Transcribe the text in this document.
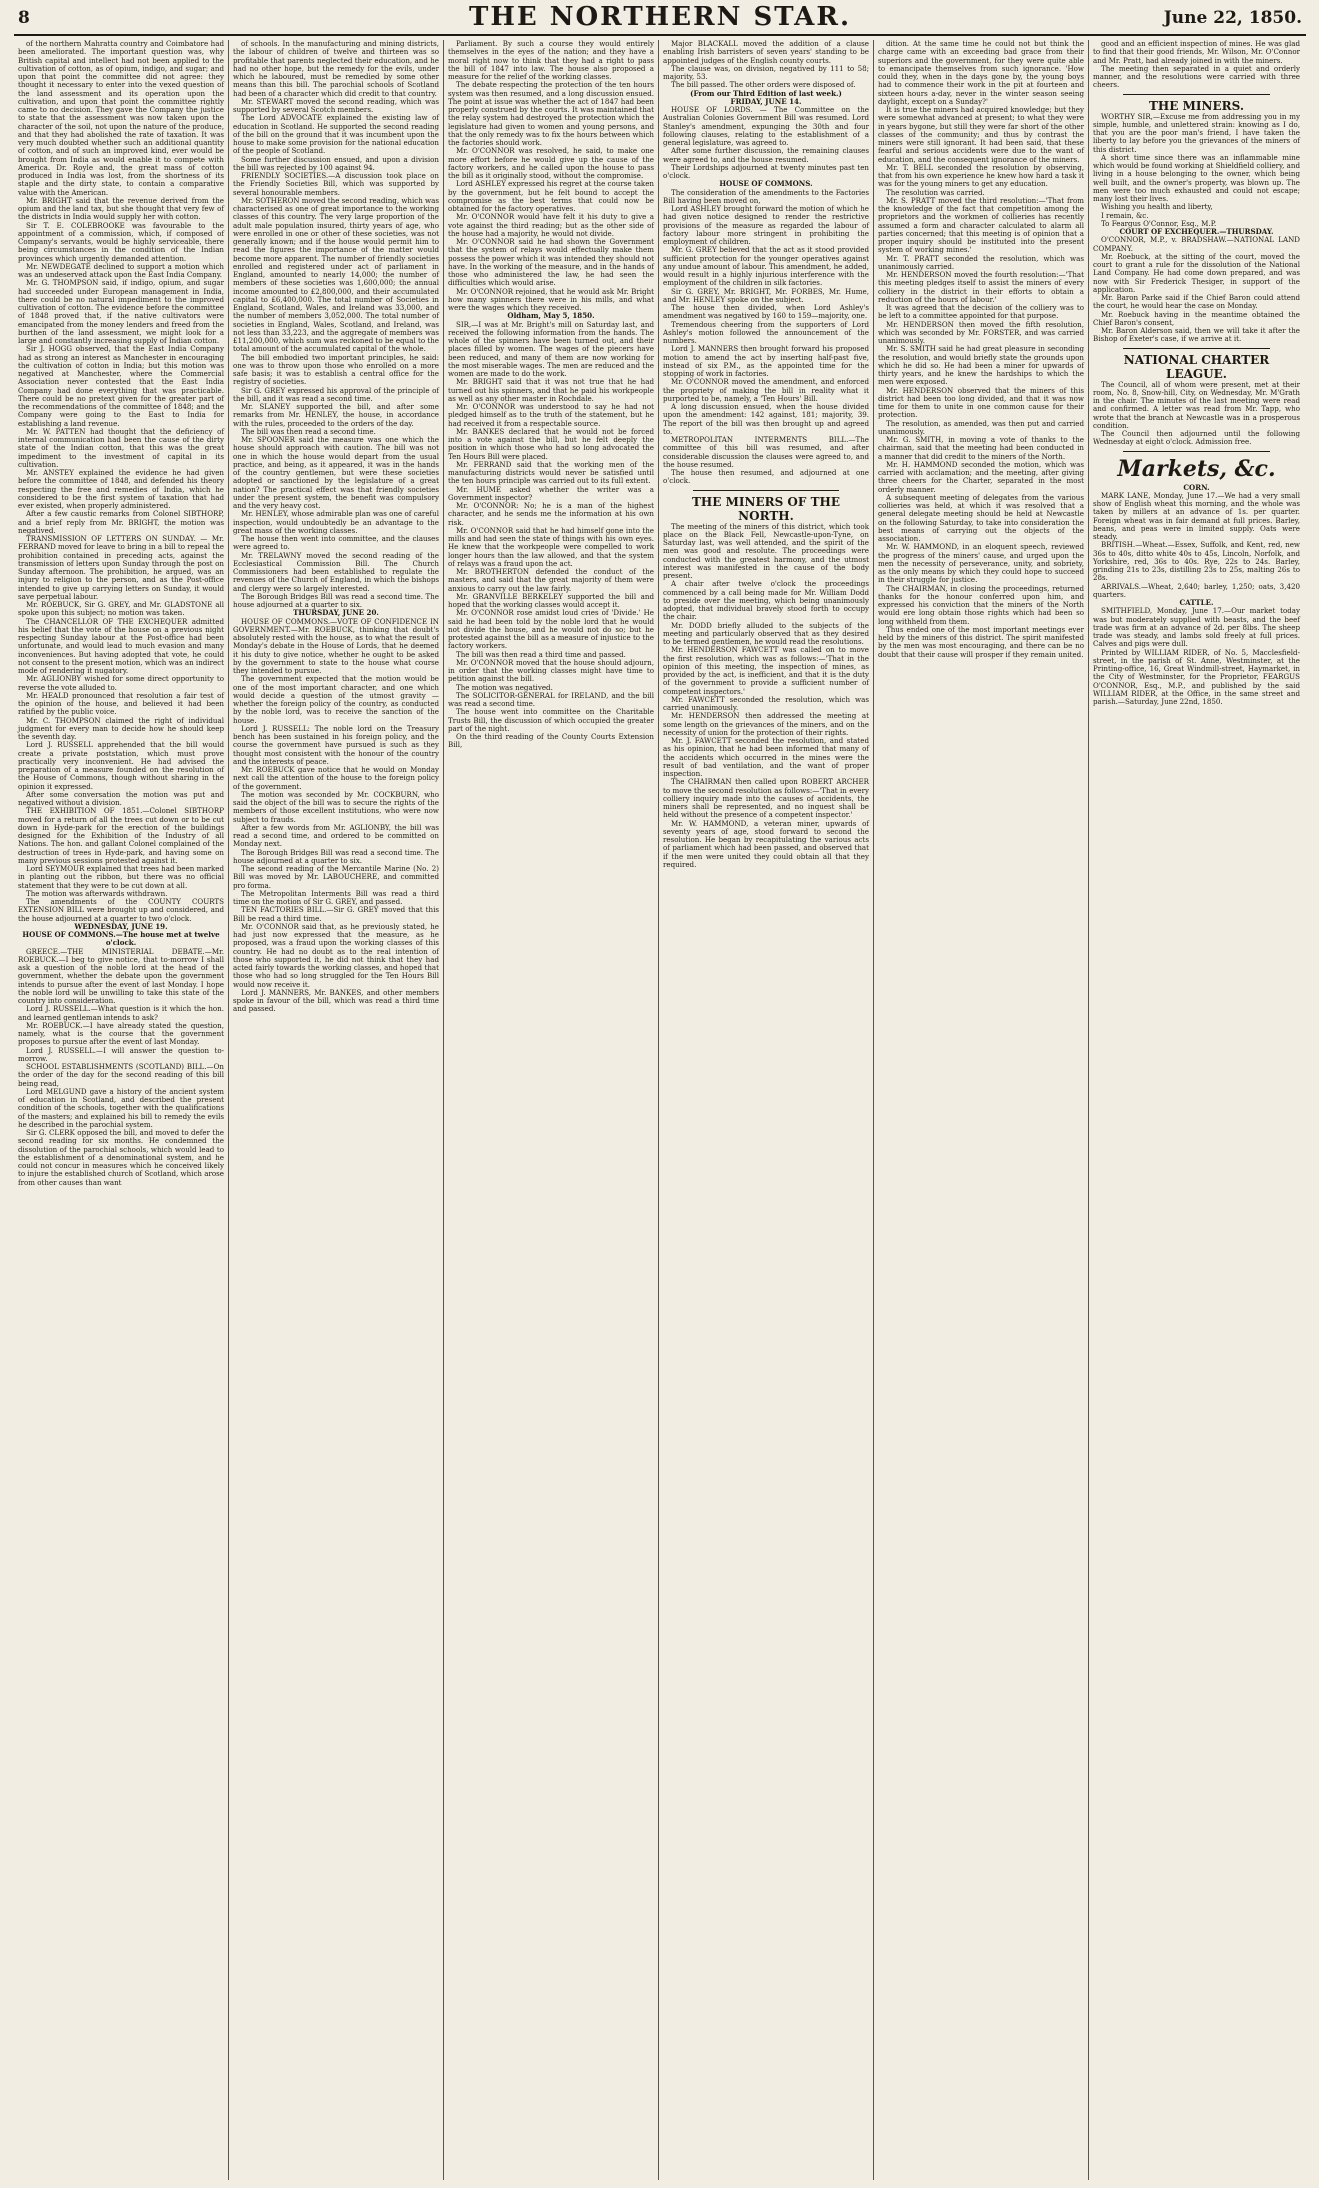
8	THE NORTHERN STAR.	June 22, 1850.

of the northern Mahratta country and Coimbatore had been ameliorated. The important question was, why British capital and intellect had not been applied to the cultivation of cotton, as of opium, indigo, and sugar; and upon that point the committee did not agree: they thought it necessary to enter into the vexed question of the land assessment and its operation upon the cultivation, and upon that point the committee rightly came to no decision. They gave the Company the justice to state that the assessment was now taken upon the character of the soil, not upon the nature of the produce, and that they had abolished the rate of taxation. It was very much doubted whether such an additional quantity of cotton, and of such an improved kind, ever would be brought from India as would enable it to compete with America. Dr. Royle and, the great mass of cotton produced in India was lost, from the shortness of its staple and the dirty state, to contain a comparative value with the American.

Mr. BRIGHT said that the revenue derived from the opium and the land tax, but she thought that very few of the districts in India would supply her with cotton.

Sir T. E. COLEBROOKE was favourable to the appointment of a commission, which, if composed of Company's servants, would be highly serviceable, there being circumstances in the condition of the Indian provinces which urgently demanded attention.

Mr. NEWDEGATE declined to support a motion which was an undeserved attack upon the East India Company.

Mr. G. THOMPSON said, if indigo, opium, and sugar had succeeded under European management in India, there could be no natural impediment to the improved cultivation of cotton. The evidence before the committee of 1848 proved that, if the native cultivators were emancipated from the money lenders and freed from the burthen of the land assessment, we might look for a large and constantly increasing supply of Indian cotton.

Sir J. HOGG observed, that the East India Company had as strong an interest as Manchester in encouraging the cultivation of cotton in India; but this motion was negatived at Manchester, where the Commercial Association never contested that the East India Company had done everything that was practicable. There could be no pretext given for the greater part of the recommendations of the committee of 1848; and the Company were going to the East to India for establishing a land revenue.

Mr. W. PATTEN had thought that the deficiency of internal communication had been the cause of the dirty state of the Indian cotton, that this was the great impediment to the investment of capital in its cultivation.

Mr. ANSTEY explained the evidence he had given before the committee of 1848, and defended his theory respecting the free and remedies of India, which he considered to be the first system of taxation that had ever existed, when properly administered.

After a few caustic remarks from Colonel SIBTHORP, and a brief reply from Mr. BRIGHT, the motion was negatived.

TRANSMISSION OF LETTERS ON SUNDAY. — Mr. FERRAND moved for leave to bring in a bill to repeal the prohibition contained in preceding acts, against the transmission of letters upon Sunday through the post on Sunday afternoon. The prohibition, he argued, was an injury to religion to the person, and as the Post-office intended to give up carrying letters on Sunday, it would save perpetual labour.

Mr. ROEBUCK, Sir G. GREY, and Mr. GLADSTONE all spoke upon this subject; no motion was taken.

The CHANCELLOR OF THE EXCHEQUER admitted his belief that the vote of the house on a previous night respecting Sunday labour at the Post-office had been unfortunate, and would lead to much evasion and many inconveniences. But having adopted that vote, he could not consent to the present motion, which was an indirect mode of rendering it nugatory.

Mr. AGLIONBY wished for some direct opportunity to reverse the vote alluded to.

Mr. HEALD pronounced that resolution a fair test of the opinion of the house, and believed it had been ratified by the public voice.

Mr. C. THOMPSON claimed the right of individual judgment for every man to decide how he should keep the seventh day.

Lord J. RUSSELL apprehended that the bill would create a private poststation, which must prove practically very inconvenient. He had advised the preparation of a measure founded on the resolution of the House of Commons, though without sharing in the opinion it expressed.

After some conversation the motion was put and negatived without a division.

THE EXHIBITION OF 1851.—Colonel SIBTHORP moved for a return of all the trees cut down or to be cut down in Hyde-park for the erection of the buildings designed for the Exhibition of the Industry of all Nations. The hon. and gallant Colonel complained of the destruction of trees in Hyde-park, and having some on many previous sessions protested against it.

Lord SEYMOUR explained that trees had been marked in planting out the ribbon, but there was no official statement that they were to be cut down at all.

The motion was afterwards withdrawn.

The amendments of the COUNTY COURTS EXTENSION BILL were brought up and considered, and the house adjourned at a quarter to two o'clock.

WEDNESDAY, JUNE 19.

HOUSE OF COMMONS.—The house met at twelve o'clock.

GREECE.—THE MINISTERIAL DEBATE.—Mr. ROEBUCK.—I beg to give notice, that to-morrow I shall ask a question of the noble lord at the head of the government, whether the debate upon the government intends to pursue after the event of last Monday. I hope the noble lord will be unwilling to take this state of the country into consideration.

Lord J. RUSSELL.—What question is it which the hon. and learned gentleman intends to ask?

Mr. ROEBUCK.—I have already stated the question, namely, what is the course that the government proposes to pursue after the event of last Monday.

Lord J. RUSSELL.—I will answer the question to-morrow.

SCHOOL ESTABLISHMENTS (SCOTLAND) BILL.—On the order of the day for the second reading of this bill being read,

Lord MELGUND gave a history of the ancient system of education in Scotland, and described the present condition of the schools, together with the qualifications of the masters; and explained his bill to remedy the evils he described in the parochial system.

Sir G. CLERK opposed the bill, and moved to defer the second reading for six months. He condemned the dissolution of the parochial schools, which would lead to the establishment of a denominational system, and he could not concur in measures which he conceived likely to injure the established church of Scotland, which arose from other causes than want

of schools. In the manufacturing and mining districts, the labour of children of twelve and thirteen was so profitable that parents neglected their education, and he had no other hope, but the remedy for the evils, under which he laboured, must be remedied by some other means than this bill. The parochial schools of Scotland had been of a character which did credit to that country.

Mr. STEWART moved the second reading, which was supported by several Scotch members.

The Lord ADVOCATE explained the existing law of education in Scotland. He supported the second reading of the bill on the ground that it was incumbent upon the house to make some provision for the national education of the people of Scotland.

Some further discussion ensued, and upon a division the bill was rejected by 100 against 94.

FRIENDLY SOCIETIES.—A discussion took place on the Friendly Societies Bill, which was supported by several honourable members.

Mr. SOTHERON moved the second reading, which was characterised as one of great importance to the working classes of this country. The very large proportion of the adult male population insured, thirty years of age, who were enrolled in one or other of these societies, was not generally known; and if the house would permit him to read the figures the importance of the matter would become more apparent. The number of friendly societies enrolled and registered under act of parliament in England, amounted to nearly 14,000; the number of members of these societies was 1,600,000; the annual income amounted to £2,800,000, and their accumulated capital to £6,400,000. The total number of Societies in England, Scotland, Wales, and Ireland was 33,000, and the number of members 3,052,000. The total number of societies in England, Wales, Scotland, and Ireland, was not less than 33,223, and the aggregate of members was £11,200,000, which sum was reckoned to be equal to the total amount of the accumulated capital of the whole.

The bill embodied two important principles, he said: one was to throw upon those who enrolled on a more safe basis; it was to establish a central office for the registry of societies.

Sir G. GREY expressed his approval of the principle of the bill, and it was read a second time.

Mr. SLANEY supported the bill, and after some remarks from Mr. HENLEY, the house, in accordance with the rules, proceeded to the orders of the day.

The bill was then read a second time.

Mr. SPOONER said the measure was one which the house should approach with caution. The bill was not one in which the house would depart from the usual practice, and being, as it appeared, it was in the hands of the country gentlemen, but were these societies adopted or sanctioned by the legislature of a great nation? The practical effect was that friendly societies under the present system, the benefit was compulsory and the very heavy cost.

Mr. HENLEY, whose admirable plan was one of careful inspection, would undoubtedly be an advantage to the great mass of the working classes.

The house then went into committee, and the clauses were agreed to.

Mr. TRELAWNY moved the second reading of the Ecclesiastical Commission Bill. The Church Commissioners had been established to regulate the revenues of the Church of England, in which the bishops and clergy were so largely interested.

The Borough Bridges Bill was read a second time. The house adjourned at a quarter to six.

THURSDAY, JUNE 20.

HOUSE OF COMMONS.—VOTE OF CONFIDENCE IN GOVERNMENT.—Mr. ROEBUCK, thinking that doubt's absolutely rested with the house, as to what the result of Monday's debate in the House of Lords, that he deemed it his duty to give notice, whether he ought to be asked by the government to state to the house what course they intended to pursue.

The government expected that the motion would be one of the most important character, and one which would decide a question of the utmost gravity — whether the foreign policy of the country, as conducted by the noble lord, was to receive the sanction of the house.

Lord J. RUSSELL: The noble lord on the Treasury bench has been sustained in his foreign policy, and the course the government have pursued is such as they thought most consistent with the honour of the country and the interests of peace.

Mr. ROEBUCK gave notice that he would on Monday next call the attention of the house to the foreign policy of the government.

The motion was seconded by Mr. COCKBURN, who said the object of the bill was to secure the rights of the members of those excellent institutions, who were now subject to frauds.

After a few words from Mr. AGLIONBY, the bill was read a second time, and ordered to be committed on Monday next.

The Borough Bridges Bill was read a second time. The house adjourned at a quarter to six.

The second reading of the Mercantile Marine (No. 2) Bill was moved by Mr. LABOUCHERE, and committed pro forma.

The Metropolitan Interments Bill was read a third time on the motion of Sir G. GREY, and passed.

TEN FACTORIES BILL.—Sir G. GREY moved that this Bill be read a third time.

Mr. O'CONNOR said that, as he previously stated, he had just now expressed that the measure, as he proposed, was a fraud upon the working classes of this country. He had no doubt as to the real intention of those who supported it, he did not think that they had acted fairly towards the working classes, and hoped that those who had so long struggled for the Ten Hours Bill would now receive it.

Lord J. MANNERS, Mr. BANKES, and other members spoke in favour of the bill, which was read a third time and passed.

Parliament. By such a course they would entirely themselves in the eyes of the nation; and they have a moral right now to think that they had a right to pass the bill of 1847 into law. The house also proposed a measure for the relief of the working classes.

The debate respecting the protection of the ten hours system was then resumed, and a long discussion ensued. The point at issue was whether the act of 1847 had been properly construed by the courts. It was maintained that the relay system had destroyed the protection which the legislature had given to women and young persons, and that the only remedy was to fix the hours between which the factories should work.

Mr. O'CONNOR was resolved, he said, to make one more effort before he would give up the cause of the factory workers, and he called upon the house to pass the bill as it originally stood, without the compromise.

Lord ASHLEY expressed his regret at the course taken by the government, but he felt bound to accept the compromise as the best terms that could now be obtained for the factory operatives.

Mr. O'CONNOR would have felt it his duty to give a vote against the third reading; but as the other side of the house had a majority, he would not divide.

Mr. O'CONNOR said he had shown the Government that the system of relays would effectually make them possess the power which it was intended they should not have. In the working of the measure, and in the hands of those who administered the law, he had seen the difficulties which would arise.

Mr. O'CONNOR rejoined, that he would ask Mr. Bright how many spinners there were in his mills, and what were the wages which they received.

Oldham, May 5, 1850.

SIR,—I was at Mr. Bright's mill on Saturday last, and received the following information from the hands. The whole of the spinners have been turned out, and their places filled by women. The wages of the piecers have been reduced, and many of them are now working for the most miserable wages. The men are reduced and the women are made to do the work.

Mr. BRIGHT said that it was not true that he had turned out his spinners, and that he paid his workpeople as well as any other master in Rochdale.

Mr. O'CONNOR was understood to say he had not pledged himself as to the truth of the statement, but he had received it from a respectable source.

Mr. BANKES declared that he would not be forced into a vote against the bill, but he felt deeply the position in which those who had so long advocated the Ten Hours Bill were placed.

Mr. FERRAND said that the working men of the manufacturing districts would never be satisfied until the ten hours principle was carried out to its full extent.

Mr. HUME asked whether the writer was a Government inspector?

Mr. O'CONNOR: No; he is a man of the highest character, and he sends me the information at his own risk.

Mr. O'CONNOR said that he had himself gone into the mills and had seen the state of things with his own eyes. He knew that the workpeople were compelled to work longer hours than the law allowed, and that the system of relays was a fraud upon the act.

Mr. BROTHERTON defended the conduct of the masters, and said that the great majority of them were anxious to carry out the law fairly.

Mr. GRANVILLE BERKELEY supported the bill and hoped that the working classes would accept it.

Mr. O'CONNOR rose amidst loud cries of 'Divide.' He said he had been told by the noble lord that he would not divide the house, and he would not do so; but he protested against the bill as a measure of injustice to the factory workers.

The bill was then read a third time and passed.

Mr. O'CONNOR moved that the house should adjourn, in order that the working classes might have time to petition against the bill.

The motion was negatived.

The SOLICITOR-GENERAL for IRELAND, and the bill was read a second time.

The house went into committee on the Charitable Trusts Bill, the discussion of which occupied the greater part of the night.

On the third reading of the County Courts Extension Bill,

Major BLACKALL moved the addition of a clause enabling Irish barristers of seven years' standing to be appointed judges of the English county courts.

The clause was, on division, negatived by 111 to 58; majority, 53.

The bill passed. The other orders were disposed of.

(From our Third Edition of last week.)

FRIDAY, JUNE 14.

HOUSE OF LORDS. — The Committee on the Australian Colonies Government Bill was resumed. Lord Stanley's amendment, expunging the 30th and four following clauses, relating to the establishment of a general legislature, was agreed to.

After some further discussion, the remaining clauses were agreed to, and the house resumed.

Their Lordships adjourned at twenty minutes past ten o'clock.

HOUSE OF COMMONS.

The consideration of the amendments to the Factories Bill having been moved on,

Lord ASHLEY brought forward the motion of which he had given notice designed to render the restrictive provisions of the measure as regarded the labour of factory labour more stringent in prohibiting the employment of children.

Mr. G. GREY believed that the act as it stood provided sufficient protection for the younger operatives against any undue amount of labour. This amendment, he added, would result in a highly injurious interference with the employment of the children in silk factories.

Sir G. GREY, Mr. BRIGHT, Mr. FORBES, Mr. Hume, and Mr. HENLEY spoke on the subject.

The house then divided, when Lord Ashley's amendment was negatived by 160 to 159—majority, one.

Tremendous cheering from the supporters of Lord Ashley's motion followed the announcement of the numbers.

Lord J. MANNERS then brought forward his proposed motion to amend the act by inserting half-past five, instead of six P.M., as the appointed time for the stopping of work in factories.

Mr. O'CONNOR moved the amendment, and enforced the propriety of making the bill in reality what it purported to be, namely, a 'Ten Hours' Bill.

A long discussion ensued, when the house divided upon the amendment: 142 against, 181; majority, 39. The report of the bill was then brought up and agreed to.

METROPOLITAN INTERMENTS BILL.—The committee of this bill was resumed, and after considerable discussion the clauses were agreed to, and the house resumed.

The house then resumed, and adjourned at one o'clock.

THE MINERS OF THE NORTH.

The meeting of the miners of this district, which took place on the Black Fell, Newcastle-upon-Tyne, on Saturday last, was well attended, and the spirit of the men was good and resolute. The proceedings were conducted with the greatest harmony, and the utmost interest was manifested in the cause of the body present.

A chair after twelve o'clock the proceedings commenced by a call being made for Mr. William Dodd to preside over the meeting, which being unanimously adopted, that individual bravely stood forth to occupy the chair.

Mr. DODD briefly alluded to the subjects of the meeting and particularly observed that as they desired to be termed gentlemen, he would read the resolutions.

Mr. HENDERSON FAWCETT was called on to move the first resolution, which was as follows:—'That in the opinion of this meeting, the inspection of mines, as provided by the act, is inefficient, and that it is the duty of the government to provide a sufficient number of competent inspectors.'

Mr. FAWCETT seconded the resolution, which was carried unanimously.

Mr. HENDERSON then addressed the meeting at some length on the grievances of the miners, and on the necessity of union for the protection of their rights.

Mr. J. FAWCETT seconded the resolution, and stated as his opinion, that he had been informed that many of the accidents which occurred in the mines were the result of bad ventilation, and the want of proper inspection.

The CHAIRMAN then called upon ROBERT ARCHER to move the second resolution as follows:—'That in every colliery inquiry made into the causes of accidents, the miners shall be represented, and no inquest shall be held without the presence of a competent inspector.'

Mr. W. HAMMOND, a veteran miner, upwards of seventy years of age, stood forward to second the resolution. He began by recapitulating the various acts of parliament which had been passed, and observed that if the men were united they could obtain all that they required.

dition. At the same time he could not but think the charge came with an exceeding bad grace from their superiors and the government, for they were quite able to emancipate themselves from such ignorance. 'How could they, when in the days gone by, the young boys had to commence their work in the pit at fourteen and sixteen hours a-day, never in the winter season seeing daylight, except on a Sunday?'

It is true the miners had acquired knowledge; but they were somewhat advanced at present; to what they were in years bygone, but still they were far short of the other classes of the community; and thus by contrast the miners were still ignorant. It had been said, that these fearful and serious accidents were due to the want of education, and the consequent ignorance of the miners.

Mr. T. BELL seconded the resolution by observing, that from his own experience he knew how hard a task it was for the young miners to get any education.

The resolution was carried.

Mr. S. PRATT moved the third resolution:—'That from the knowledge of the fact that competition among the proprietors and the workmen of collieries has recently assumed a form and character calculated to alarm all parties concerned; that this meeting is of opinion that a proper inquiry should be instituted into the present system of working mines.'

Mr. T. PRATT seconded the resolution, which was unanimously carried.

Mr. HENDERSON moved the fourth resolution:—'That this meeting pledges itself to assist the miners of every colliery in the district in their efforts to obtain a reduction of the hours of labour.'

It was agreed that the decision of the colliery was to be left to a committee appointed for that purpose.

Mr. HENDERSON then moved the fifth resolution, which was seconded by Mr. FORSTER, and was carried unanimously.

Mr. S. SMITH said he had great pleasure in seconding the resolution, and would briefly state the grounds upon which he did so. He had been a miner for upwards of thirty years, and he knew the hardships to which the men were exposed.

Mr. HENDERSON observed that the miners of this district had been too long divided, and that it was now time for them to unite in one common cause for their protection.

The resolution, as amended, was then put and carried unanimously.

Mr. G. SMITH, in moving a vote of thanks to the chairman, said that the meeting had been conducted in a manner that did credit to the miners of the North.

Mr. H. HAMMOND seconded the motion, which was carried with acclamation; and the meeting, after giving three cheers for the Charter, separated in the most orderly manner.

A subsequent meeting of delegates from the various collieries was held, at which it was resolved that a general delegate meeting should be held at Newcastle on the following Saturday, to take into consideration the best means of carrying out the objects of the association.

Mr. W. HAMMOND, in an eloquent speech, reviewed the progress of the miners' cause, and urged upon the men the necessity of perseverance, unity, and sobriety, as the only means by which they could hope to succeed in their struggle for justice.

The CHAIRMAN, in closing the proceedings, returned thanks for the honour conferred upon him, and expressed his conviction that the miners of the North would ere long obtain those rights which had been so long withheld from them.

Thus ended one of the most important meetings ever held by the miners of this district. The spirit manifested by the men was most encouraging, and there can be no doubt that their cause will prosper if they remain united.

good and an efficient inspection of mines. He was glad to find that their good friends, Mr. Wilson, Mr. O'Connor and Mr. Pratt, had already joined in with the miners.

The meeting then separated in a quiet and orderly manner, and the resolutions were carried with three cheers.

THE MINERS.

WORTHY SIR,—Excuse me from addressing you in my simple, humble, and unlettered strain: knowing as I do, that you are the poor man's friend, I have taken the liberty to lay before you the grievances of the miners of this district.

A short time since there was an inflammable mine which would be found working at Shieldfield colliery, and living in a house belonging to the owner, which being well built, and the owner's property, was blown up. The men were too much exhausted and could not escape; many lost their lives.

Wishing you health and liberty,

I remain, &c.

To Feargus O'Connor, Esq., M.P.

COURT OF EXCHEQUER.—THURSDAY.

O'CONNOR, M.P., v. BRADSHAW.—NATIONAL LAND COMPANY.

Mr. Roebuck, at the sitting of the court, moved the court to grant a rule for the dissolution of the National Land Company. He had come down prepared, and was now with Sir Frederick Thesiger, in support of the application.

Mr. Baron Parke said if the Chief Baron could attend the court, he would hear the case on Monday.

Mr. Roebuck having in the meantime obtained the Chief Baron's consent,

Mr. Baron Alderson said, then we will take it after the Bishop of Exeter's case, if we arrive at it.

NATIONAL CHARTER LEAGUE.

The Council, all of whom were present, met at their room, No. 8, Snow-hill, City, on Wednesday, Mr. M'Grath in the chair. The minutes of the last meeting were read and confirmed. A letter was read from Mr. Tapp, who wrote that the branch at Newcastle was in a prosperous condition.

The Council then adjourned until the following Wednesday at eight o'clock. Admission free.

Markets, &c.

CORN.

MARK LANE, Monday, June 17.—We had a very small show of English wheat this morning, and the whole was taken by millers at an advance of 1s. per quarter. Foreign wheat was in fair demand at full prices. Barley, beans, and peas were in limited supply. Oats were steady.

BRITISH.—Wheat.—Essex, Suffolk, and Kent, red, new 36s to 40s, ditto white 40s to 45s, Lincoln, Norfolk, and Yorkshire, red, 36s to 40s. Rye, 22s to 24s. Barley, grinding 21s to 23s, distilling 23s to 25s, malting 26s to 28s.

ARRIVALS.—Wheat, 2,640; barley, 1,250; oats, 3,420 quarters.

CATTLE.

SMITHFIELD, Monday, June 17.—Our market today was but moderately supplied with beasts, and the beef trade was firm at an advance of 2d. per 8lbs. The sheep trade was steady, and lambs sold freely at full prices. Calves and pigs were dull.

Printed by WILLIAM RIDER, of No. 5, Macclesfield-street, in the parish of St. Anne, Westminster, at the Printing-office, 16, Great Windmill-street, Haymarket, in the City of Westminster, for the Proprietor, FEARGUS O'CONNOR, Esq., M.P., and published by the said WILLIAM RIDER, at the Office, in the same street and parish.—Saturday, June 22nd, 1850.
